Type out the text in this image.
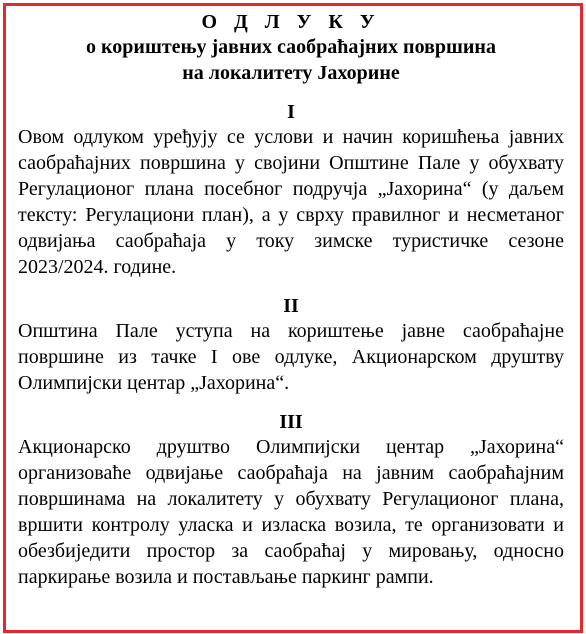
О Д Л У К У

о кориштењу јавних саобраћајних површина

на локалитету Јахорине

I

Овом одлуком уређују се услови и начин коришћења јавних саобраћајних површина у својини Општине Пале у обухвату Регулационог плана посебног подручја „Јахорина“ (у даљем тексту: Регулациони план), а у сврху правилног и несметаног одвијања саобраћаја у току зимске туристичке сезоне 2023/2024. године.

II

Општина Пале уступа на кориштење јавне саобраћајне површине из тачке I ове одлуке, Акционарском друштву Олимпијски центар „Јахорина“.

III

Акционарско друштво Олимпијски центар „Јахорина“ организоваће одвијање саобраћаја на јавним саобраћајним површинама на локалитету у обухвату Регулационог плана, вршити контролу уласка и изласка возила, те организовати и обезбиједити простор за саобраћај у мировању, односно паркирање возила и постављање паркинг рампи.
